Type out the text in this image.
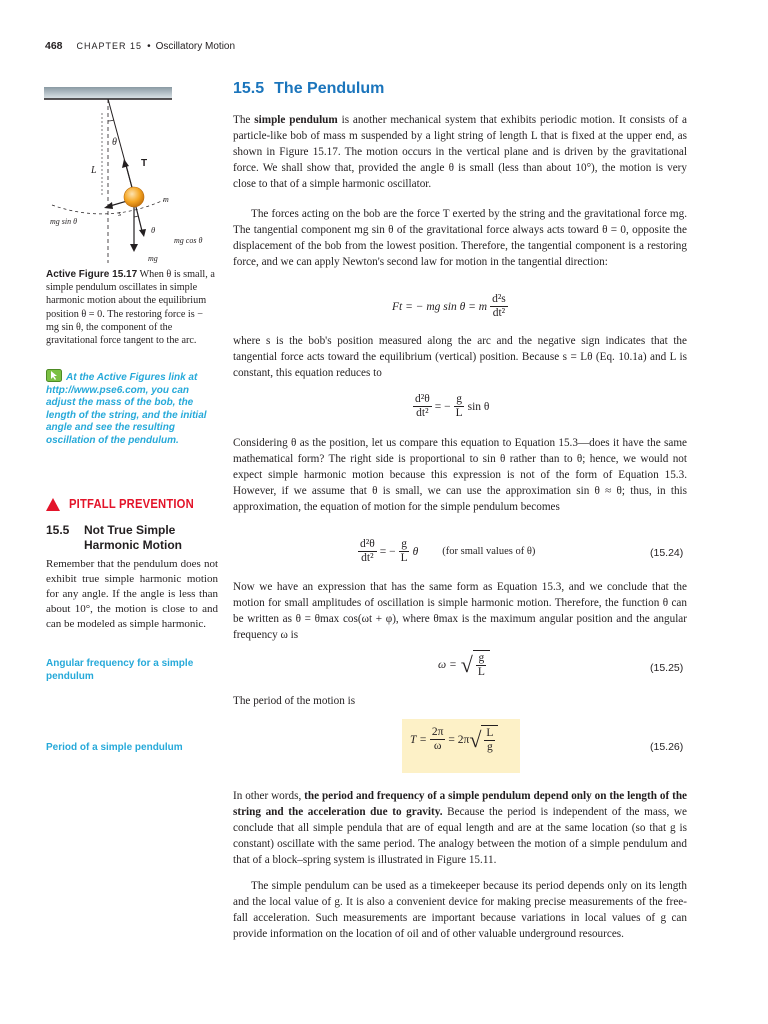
468 CHAPTER 15 • Oscillatory Motion
θ
L
T
m
mg sin θ
θ
mg cos θ
mg
s
Active Figure 15.17 When θ is small, a simple pendulum oscillates in simple harmonic motion about the equilibrium position θ = 0. The restoring force is − mg sin θ, the component of the gravitational force tangent to the arc.
At the Active Figures link at http://www.pse6.com, you can adjust the mass of the bob, the length of the string, and the initial angle and see the resulting oscillation of the pendulum.
PITFALL PREVENTION
15.5 Not True Simple
Harmonic Motion
Remember that the pendulum does not exhibit true simple harmonic motion for any angle. If the angle is less than about 10°, the motion is close to and can be modeled as simple harmonic.
Angular frequency for a simple pendulum
Period of a simple pendulum
15.5 The Pendulum

The simple pendulum is another mechanical system that exhibits periodic motion. It consists of a particle-like bob of mass m suspended by a light string of length L that is fixed at the upper end, as shown in Figure 15.17. The motion occurs in the vertical plane and is driven by the gravitational force. We shall show that, provided the angle θ is small (less than about 10°), the motion is very close to that of a simple harmonic oscillator.

The forces acting on the bob are the force T exerted by the string and the gravitational force mg. The tangential component mg sin θ of the gravitational force always acts toward θ = 0, opposite the displacement of the bob from the lowest position. Therefore, the tangential component is a restoring force, and we can apply Newton's second law for motion in the tangential direction:

Ft = − mg sin θ = m $\frac{\text{d²s}}{\text{dt²}}$

where s is the bob's position measured along the arc and the negative sign indicates that the tangential force acts toward the equilibrium (vertical) position. Because s = Lθ (Eq. 10.1a) and L is constant, this equation reduces to

$\frac{\text{d²θ}}{\text{dt²}}$ = − $\frac{g}{L}$ sin θ

Considering θ as the position, let us compare this equation to Equation 15.3—does it have the same mathematical form? The right side is proportional to sin θ rather than to θ; hence, we would not expect simple harmonic motion because this expression is not of the form of Equation 15.3. However, if we assume that θ is small, we can use the approximation sin θ ≈ θ; thus, in this approximation, the equation of motion for the simple pendulum becomes

$\frac{\text{d²θ}}{\text{dt²}}$ = − $\frac{g}{L}$ θ (for small values of θ)	(15.24)

Now we have an expression that has the same form as Equation 15.3, and we conclude that the motion for small amplitudes of oscillation is simple harmonic motion. Therefore, the function θ can be written as θ = θmax cos(ωt + φ), where θmax is the maximum angular position and the angular frequency ω is

ω = √ $\frac{g}{L}$	(15.25)

The period of the motion is

$T = \frac{2\pi}{\omega} = 2\pi$ √ $\frac{L}{g}$	(15.26)

In other words, the period and frequency of a simple pendulum depend only on the length of the string and the acceleration due to gravity. Because the period is independent of the mass, we conclude that all simple pendula that are of equal length and are at the same location (so that g is constant) oscillate with the same period. The analogy between the motion of a simple pendulum and that of a block–spring system is illustrated in Figure 15.11.

The simple pendulum can be used as a timekeeper because its period depends only on its length and the local value of g. It is also a convenient device for making precise measurements of the free-fall acceleration. Such measurements are important because variations in local values of g can provide information on the location of oil and of other valuable underground resources.
